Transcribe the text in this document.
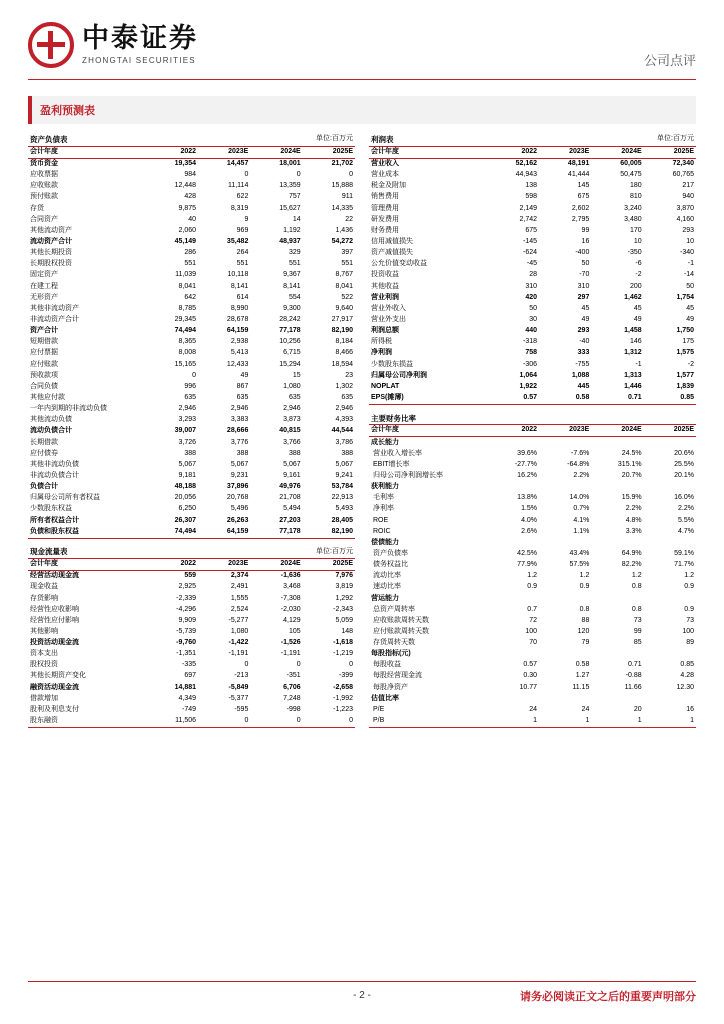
中泰证券
ZHONGTAI SECURITIES	公司点评
盈利预测表
资产负债表	单位:百万元			
会计年度	2022	2023E	2024E	2025E
货币资金	19,354	14,457	18,001	21,702
应收票据	984	0	0	0
应收账款	12,448	11,114	13,359	15,888
预付账款	428	622	757	911
存货	9,875	8,319	15,627	14,335
合同资产	40	9	14	22
其他流动资产	2,060	969	1,192	1,436
流动资产合计	45,149	35,482	48,937	54,272
其他长期投资	286	264	329	397
长期股权投资	551	551	551	551
固定资产	11,039	10,118	9,367	8,767
在建工程	8,041	8,141	8,141	8,041
无形资产	642	614	554	522
其他非流动资产	8,785	8,990	9,300	9,640
非流动资产合计	29,345	28,678	28,242	27,917
资产合计	74,494	64,159	77,178	82,190
短期借款	8,365	2,938	10,256	8,184
应付票据	8,008	5,413	6,715	8,466
应付账款	15,165	12,433	15,294	18,594
预收款项	0	49	15	23
合同负债	996	867	1,080	1,302
其他应付款	635	635	635	635
一年内到期的非流动负债	2,946	2,946	2,946	2,946
其他流动负债	3,293	3,383	3,873	4,393
流动负债合计	39,007	28,666	40,815	44,544
长期借款	3,726	3,776	3,766	3,786
应付债券	388	388	388	388
其他非流动负债	5,067	5,067	5,067	5,067
非流动负债合计	9,181	9,231	9,161	9,241
负债合计	48,188	37,896	49,976	53,784
归属母公司所有者权益	20,056	20,768	21,708	22,913
少数股东权益	6,250	5,496	5,494	5,493
所有者权益合计	26,307	26,263	27,203	28,405
负债和股东权益	74,494	64,159	77,178	82,190

现金流量表	单位:百万元			
会计年度	2022	2023E	2024E	2025E
经营活动现金流	559	2,374	-1,636	7,976
现金收益	2,925	2,491	3,468	3,819
存货影响	-2,339	1,555	-7,308	1,292
经营性应收影响	-4,296	2,524	-2,030	-2,343
经营性应付影响	9,909	-5,277	4,129	5,059
其他影响	-5,739	1,080	105	148
投资活动现金流	-9,760	-1,422	-1,526	-1,618
资本支出	-1,351	-1,191	-1,191	-1,219
股权投资	-335	0	0	0
其他长期资产变化	697	-213	-351	-399
融资活动现金流	14,881	-5,849	6,706	-2,658
借款增加	4,349	-5,377	7,248	-1,992
股利及利息支付	-749	-595	-998	-1,223
股东融资	11,506	0	0	0
利润表	单位:百万元			
会计年度	2022	2023E	2024E	2025E
营业收入	52,162	48,191	60,005	72,340
营业成本	44,943	41,444	50,475	60,765
税金及附加	138	145	180	217
销售费用	598	675	810	940
管理费用	2,149	2,602	3,240	3,870
研发费用	2,742	2,795	3,480	4,160
财务费用	675	99	170	293
信用减值损失	-145	16	10	10
资产减值损失	-624	-400	-350	-340
公允价值变动收益	-45	50	-6	-1
投资收益	28	-70	-2	-14
其他收益	310	310	200	50
营业利润	420	297	1,462	1,754
营业外收入	50	45	45	45
营业外支出	30	49	49	49
利润总额	440	293	1,458	1,750
所得税	-318	-40	146	175
净利润	758	333	1,312	1,575
少数股东损益	-306	-755	-1	-2
归属母公司净利润	1,064	1,088	1,313	1,577
NOPLAT	1,922	445	1,446	1,839
EPS(摊薄)	0.57	0.58	0.71	0.85

主要财务比率				
会计年度	2022	2023E	2024E	2025E
成长能力				
营业收入增长率	39.6%	-7.6%	24.5%	20.6%
EBIT增长率	-27.7%	-64.8%	315.1%	25.5%
归母公司净利润增长率	16.2%	2.2%	20.7%	20.1%
获利能力				
毛利率	13.8%	14.0%	15.9%	16.0%
净利率	1.5%	0.7%	2.2%	2.2%
ROE	4.0%	4.1%	4.8%	5.5%
ROIC	2.6%	1.1%	3.3%	4.7%
偿债能力				
资产负债率	42.5%	43.4%	64.9%	59.1%
债务权益比	77.9%	57.5%	82.2%	71.7%
流动比率	1.2	1.2	1.2	1.2
速动比率	0.9	0.9	0.8	0.9
营运能力				
总资产周转率	0.7	0.8	0.8	0.9
应收账款周转天数	72	88	73	73
应付账款周转天数	100	120	99	100
存货周转天数	70	79	85	89
每股指标(元)				
每股收益	0.57	0.58	0.71	0.85
每股经营现金流	0.30	1.27	-0.88	4.28
每股净资产	10.77	11.15	11.66	12.30
估值比率				
P/E	24	24	20	16
P/B	1	1	1	1
- 2 -	请务必阅读正文之后的重要声明部分
